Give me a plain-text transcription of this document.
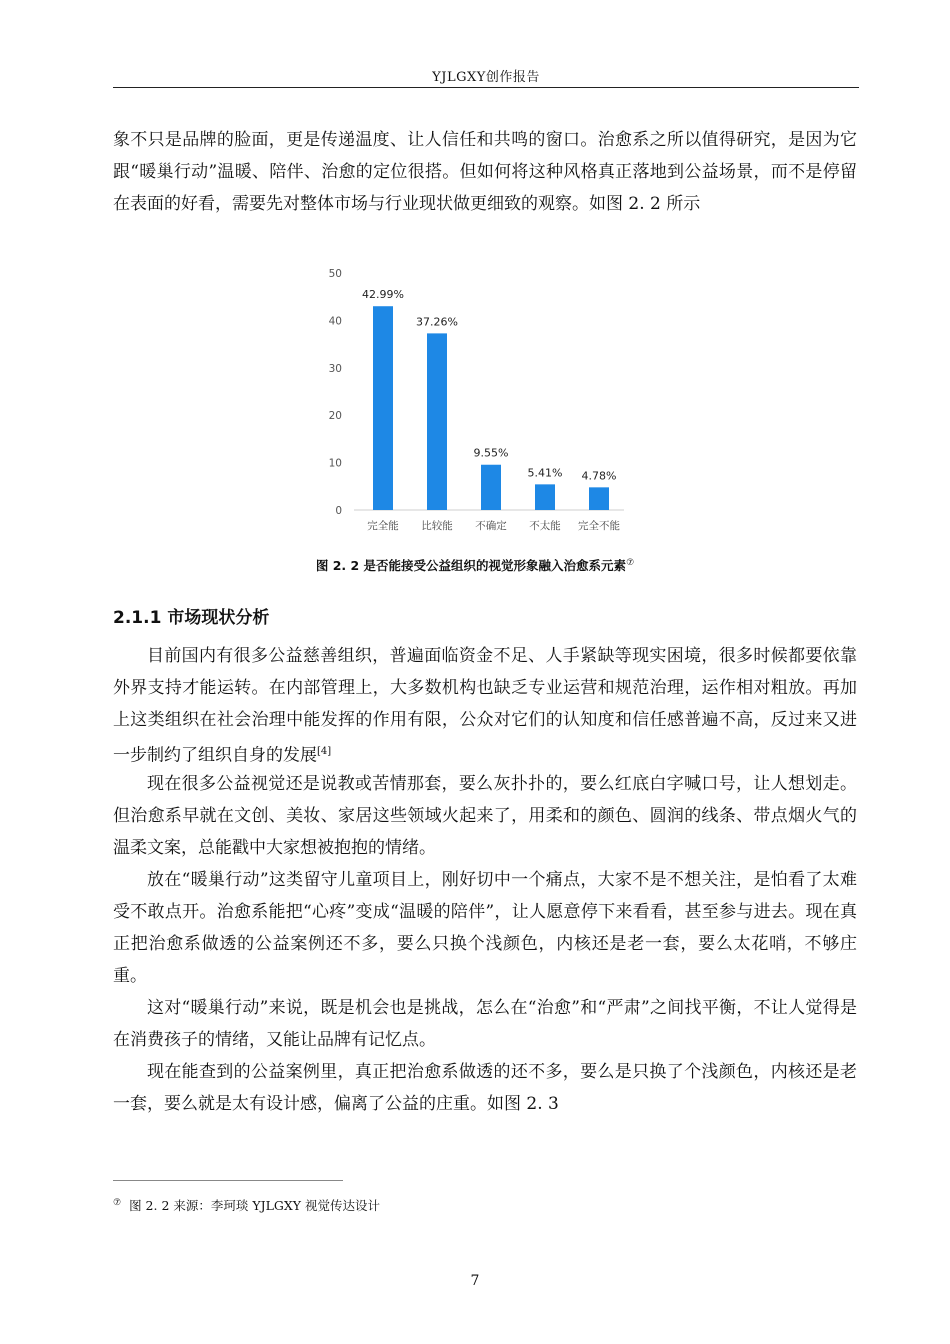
YJLGXY创作报告

象不只是品牌的脸面，更是传递温度、让人信任和共鸣的窗口。治愈系之所以值得研究，是因为它跟“暖巢行动”温暖、陪伴、治愈的定位很搭。但如何将这种风格真正落地到公益场景，而不是停留在表面的好看，需要先对整体市场与行业现状做更细致的观察。如图 2. 2 所示

0
10
20
30
40
50
42.99%
37.26%
9.55%
5.41% 4.78%
完全能 比较能 不确定 不太能 完全不能
图 2. 2 是否能接受公益组织的视觉形象融入治愈系元素⑦
2.1.1 市场现状分析

目前国内有很多公益慈善组织，普遍面临资金不足、人手紧缺等现实困境，很多时候都要依靠外界支持才能运转。在内部管理上，大多数机构也缺乏专业运营和规范治理，运作相对粗放。再加上这类组织在社会治理中能发挥的作用有限，公众对它们的认知度和信任感普遍不高，反过来又进一步制约了组织自身的发展[4]

现在很多公益视觉还是说教或苦情那套，要么灰扑扑的，要么红底白字喊口号，让人想划走。但治愈系早就在文创、美妆、家居这些领域火起来了，用柔和的颜色、圆润的线条、带点烟火气的温柔文案，总能戳中大家想被抱抱的情绪。

放在“暖巢行动”这类留守儿童项目上，刚好切中一个痛点，大家不是不想关注，是怕看了太难受不敢点开。治愈系能把“心疼”变成“温暖的陪伴”，让人愿意停下来看看，甚至参与进去。现在真正把治愈系做透的公益案例还不多，要么只换个浅颜色，内核还是老一套，要么太花哨，不够庄重。

这对“暖巢行动”来说，既是机会也是挑战，怎么在“治愈”和“严肃”之间找平衡，不让人觉得是在消费孩子的情绪，又能让品牌有记忆点。

现在能查到的公益案例里，真正把治愈系做透的还不多，要么是只换了个浅颜色，内核还是老一套，要么就是太有设计感，偏离了公益的庄重。如图 2. 3

⑦ 图 2. 2 来源：李珂琰 YJLGXY 视觉传达设计
7
